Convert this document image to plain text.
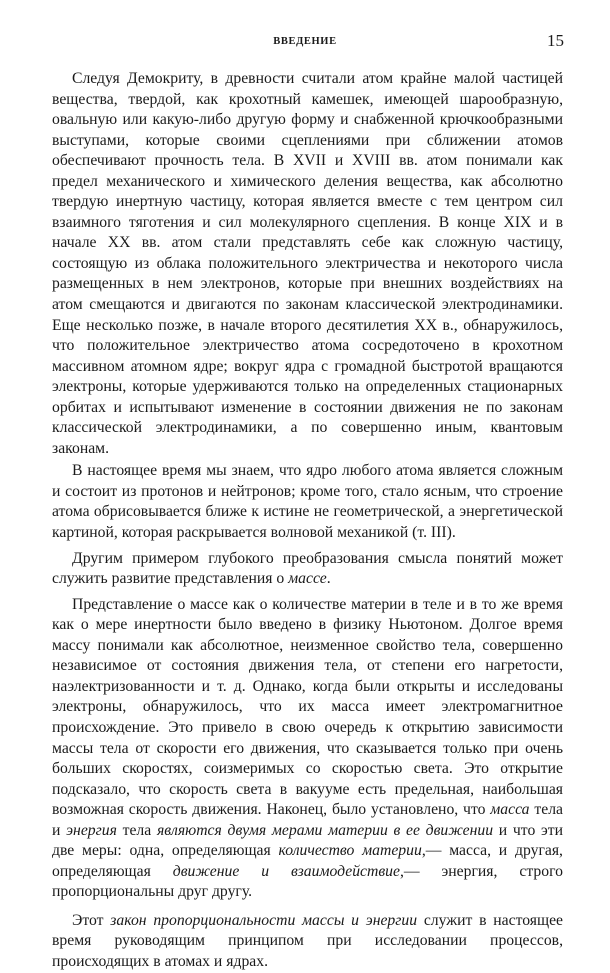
ВВЕДЕНИЕ	15

Следуя Демокриту, в древности считали атом крайне малой частицей вещества, твердой, как крохотный камешек, имеющей шарообразную, овальную или какую-либо другую форму и снабженной крючкообразными выступами, которые своими сцеплениями при сближении атомов обеспечивают прочность тела. В XVII и XVIII вв. атом понимали как предел механического и химического деления вещества, как абсолютно твердую инертную частицу, которая является вместе с тем центром сил взаимного тяготения и сил молекулярного сцепления. В конце XIX и в начале XX вв. атом стали представлять себе как сложную частицу, состоящую из облака положительного электричества и некоторого числа размещенных в нем электронов, которые при внешних воздействиях на атом смещаются и двигаются по законам классической электродинамики. Еще несколько позже, в начале второго десятилетия XX в., обнаружилось, что положительное электричество атома сосредоточено в крохотном массивном атомном ядре; вокруг ядра с громадной быстротой вращаются электроны, которые удерживаются только на определенных стационарных орбитах и испытывают изменение в состоянии движения не по законам классической электродинамики, а по совершенно иным, квантовым законам.

В настоящее время мы знаем, что ядро любого атома является сложным и состоит из протонов и нейтронов; кроме того, стало ясным, что строение атома обрисовывается ближе к истине не геометрической, а энергетической картиной, которая раскрывается волновой механикой (т. III).

Другим примером глубокого преобразования смысла понятий может служить развитие представления о массе.

Представление о массе как о количестве материи в теле и в то же время как о мере инертности было введено в физику Ньютоном. Долгое время массу понимали как абсолютное, неизменное свойство тела, совершенно независимое от состояния движения тела, от степени его нагретости, наэлектризованности и т. д. Однако, когда были открыты и исследованы электроны, обнаружилось, что их масса имеет электромагнитное происхождение. Это привело в свою очередь к открытию зависимости массы тела от скорости его движения, что сказывается только при очень больших скоростях, соизмеримых со скоростью света. Это открытие подсказало, что скорость света в вакууме есть предельная, наибольшая возможная скорость движения. Наконец, было установлено, что масса тела и энергия тела являются двумя мерами материи в ее движении и что эти две меры: одна, определяющая количество материи,— масса, и другая, определяющая движение и взаимодействие,— энергия, строго пропорциональны друг другу.

Этот закон пропорциональности массы и энергии служит в настоящее время руководящим принципом при исследовании процессов, происходящих в атомах и ядрах.
